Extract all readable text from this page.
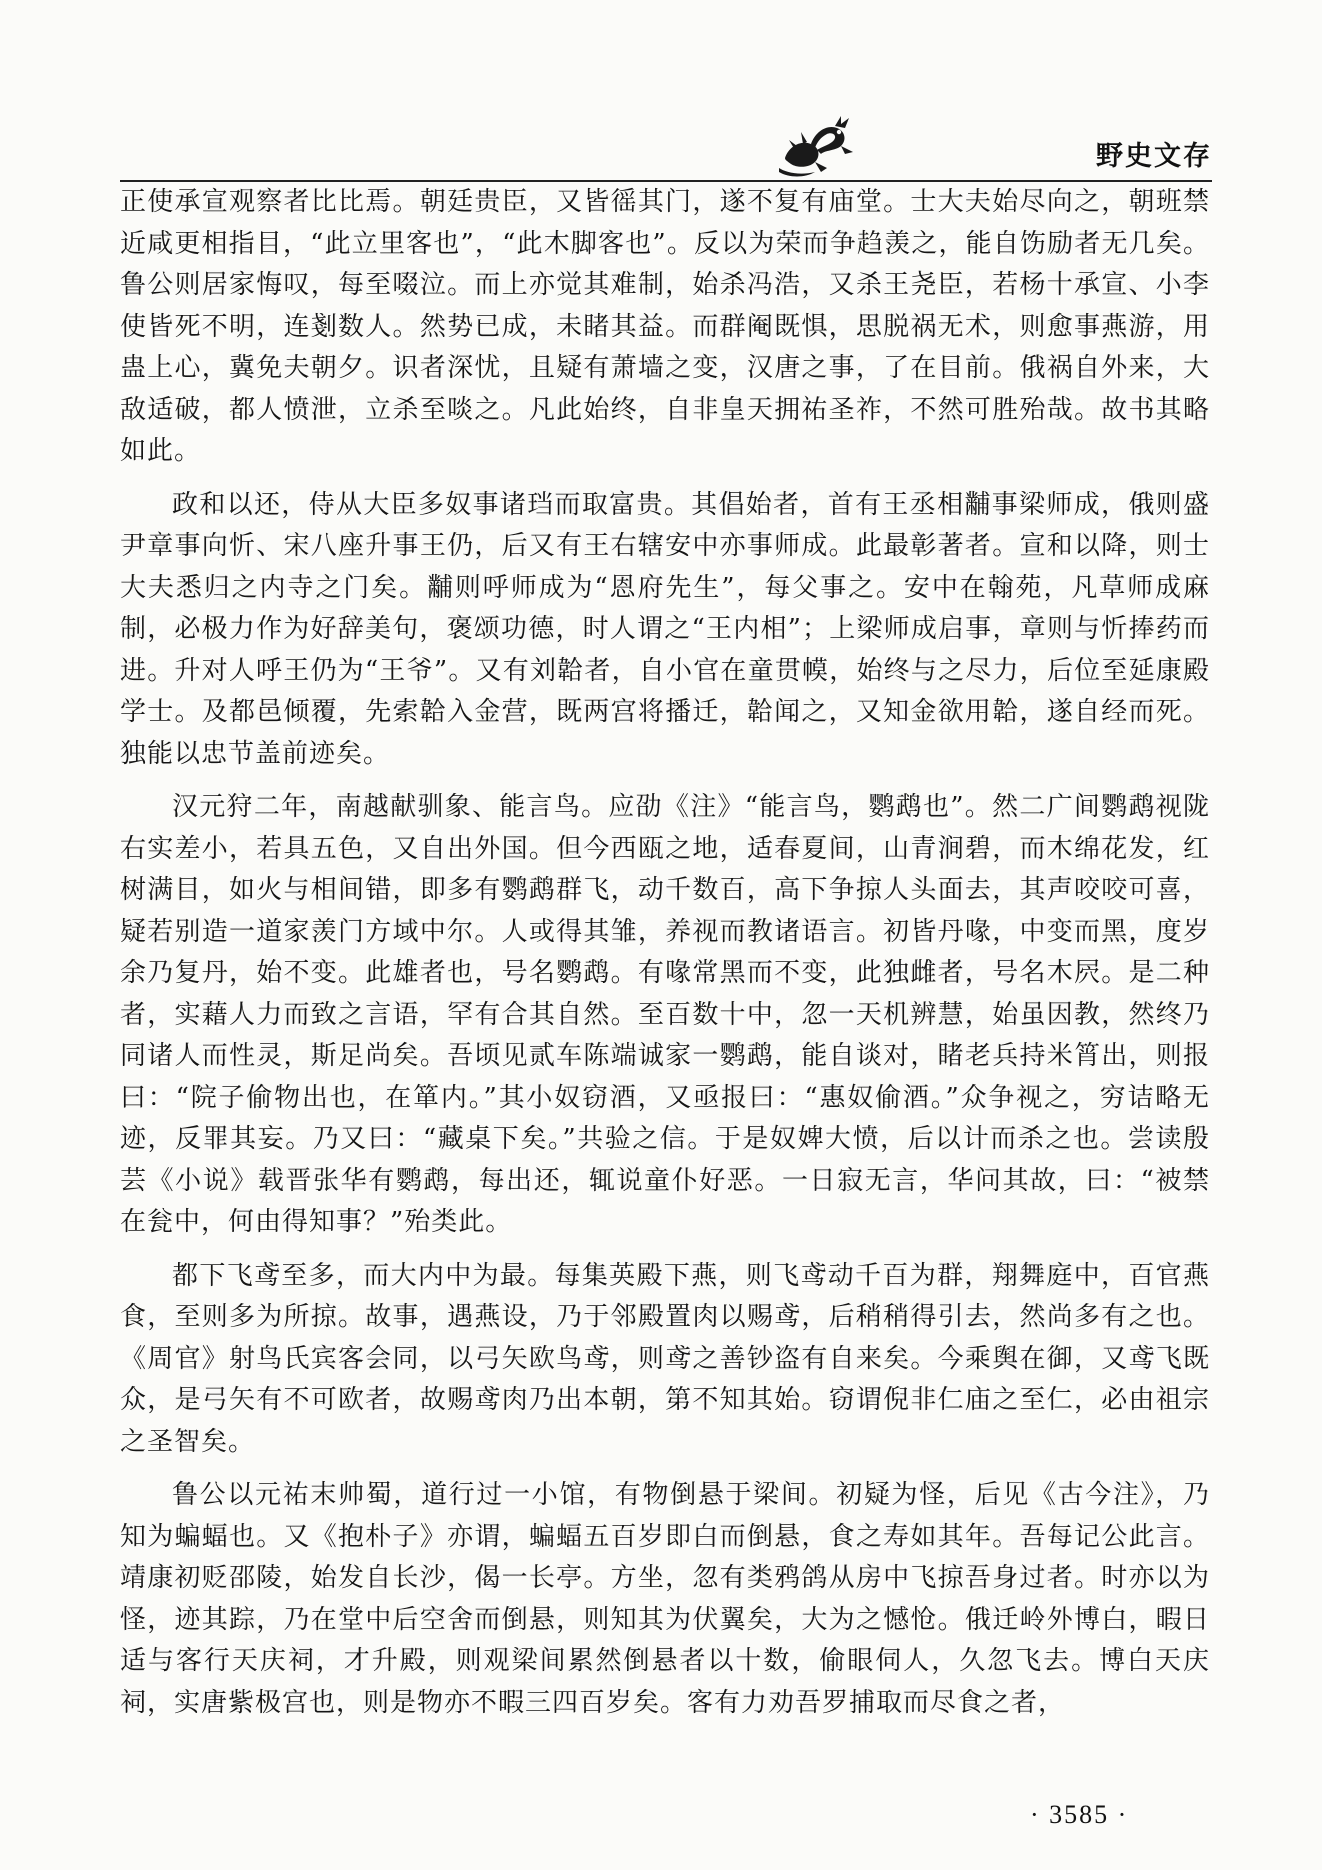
野史文存

正使承宣观察者比比焉。朝廷贵臣，又皆徭其门，遂不复有庙堂。士大夫始尽向之，朝班禁近咸更相指目，“此立里客也”，“此木脚客也”。反以为荣而争趋羡之，能自饬励者无几矣。鲁公则居家悔叹，每至啜泣。而上亦觉其难制，始杀冯浩，又杀王尧臣，若杨十承宣、小李使皆死不明，连剗数人。然势已成，未睹其益。而群阉既惧，思脱祸无术，则愈事燕游，用蛊上心，冀免夫朝夕。识者深忧，且疑有萧墙之变，汉唐之事，了在目前。俄祸自外来，大敌适破，都人愤泄，立杀至啖之。凡此始终，自非皇天拥祐圣祚，不然可胜殆哉。故书其略如此。

政和以还，侍从大臣多奴事诸珰而取富贵。其倡始者，首有王丞相黼事梁师成，俄则盛尹章事向忻、宋八座升事王仍，后又有王右辖安中亦事师成。此最彰著者。宣和以降，则士大夫悉归之内寺之门矣。黼则呼师成为“恩府先生”，每父事之。安中在翰苑，凡草师成麻制，必极力作为好辞美句，褒颂功德，时人谓之“王内相”；上梁师成启事，章则与忻捧药而进。升对人呼王仍为“王爷”。又有刘韐者，自小官在童贯幙，始终与之尽力，后位至延康殿学士。及都邑倾覆，先索韐入金营，既两宫将播迁，韐闻之，又知金欲用韐，遂自经而死。独能以忠节盖前迹矣。

汉元狩二年，南越献驯象、能言鸟。应劭《注》“能言鸟，鹦鹉也”。然二广间鹦鹉视陇右实差小，若具五色，又自出外国。但今西瓯之地，适春夏间，山青涧碧，而木绵花发，红树满目，如火与相间错，即多有鹦鹉群飞，动千数百，高下争掠人头面去，其声咬咬可喜，疑若别造一道家羡门方域中尔。人或得其雏，养视而教诸语言。初皆丹喙，中变而黑，度岁余乃复丹，始不变。此雄者也，号名鹦鹉。有喙常黑而不变，此独雌者，号名木屄。是二种者，实藉人力而致之言语，罕有合其自然。至百数十中，忽一天机辨慧，始虽因教，然终乃同诸人而性灵，斯足尚矣。吾顷见贰车陈端诚家一鹦鹉，能自谈对，睹老兵持米筲出，则报曰：“院子偷物出也，在箪内。”其小奴窃酒，又亟报曰：“惠奴偷酒。”众争视之，穷诘略无迹，反罪其妄。乃又曰：“藏桌下矣。”共验之信。于是奴婢大愤，后以计而杀之也。尝读殷芸《小说》载晋张华有鹦鹉，每出还，辄说童仆好恶。一日寂无言，华问其故，曰：“被禁在瓮中，何由得知事？”殆类此。

都下飞鸢至多，而大内中为最。每集英殿下燕，则飞鸢动千百为群，翔舞庭中，百官燕食，至则多为所掠。故事，遇燕设，乃于邻殿置肉以赐鸢，后稍稍得引去，然尚多有之也。《周官》射鸟氏宾客会同，以弓矢欧鸟鸢，则鸢之善钞盗有自来矣。今乘舆在御，又鸢飞既众，是弓矢有不可欧者，故赐鸢肉乃出本朝，第不知其始。窃谓倪非仁庙之至仁，必由祖宗之圣智矣。

鲁公以元祐末帅蜀，道行过一小馆，有物倒悬于梁间。初疑为怪，后见《古今注》，乃知为蝙蝠也。又《抱朴子》亦谓，蝙蝠五百岁即白而倒悬，食之寿如其年。吾每记公此言。靖康初贬邵陵，始发自长沙，偈一长亭。方坐，忽有类鸦鸽从房中飞掠吾身过者。时亦以为怪，迹其踪，乃在堂中后空舍而倒悬，则知其为伏翼矣，大为之憾怆。俄迁岭外博白，暇日适与客行天庆祠，才升殿，则观梁间累然倒悬者以十数，偷眼伺人，久忽飞去。博白天庆祠，实唐紫极宫也，则是物亦不暇三四百岁矣。客有力劝吾罗捕取而尽食之者，

· 3585 ·
